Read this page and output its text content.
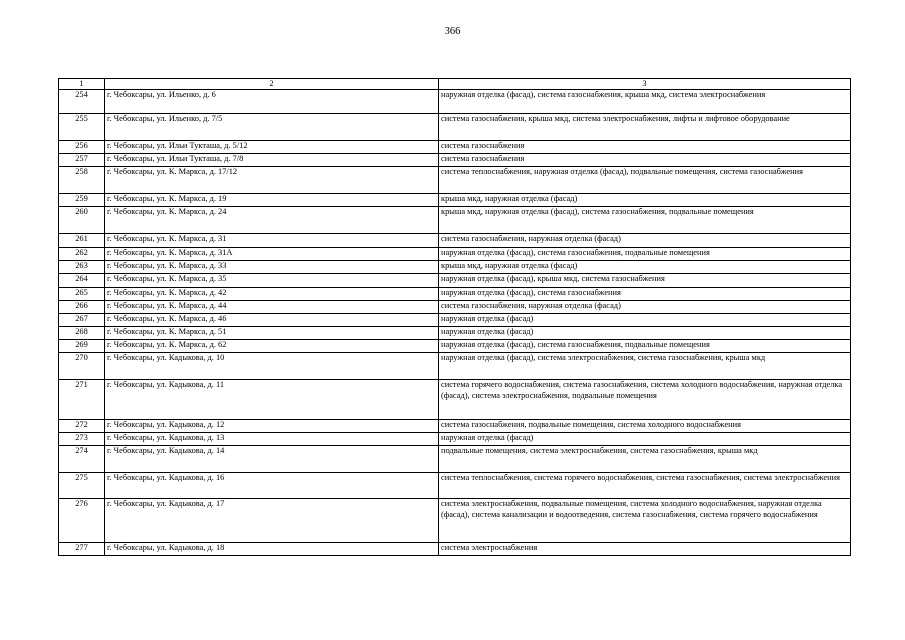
366
1	2	3
254	г. Чебоксары, ул. Ильенко, д. 6	наружная отделка (фасад), система газоснабжения, крыша мкд, система электроснабжения
255	г. Чебоксары, ул. Ильенко, д. 7/5	система газоснабжения, крыша мкд, система электроснабжения, лифты и лифтовое оборудование
256	г. Чебоксары, ул. Ильи Тукташа, д. 5/12	система газоснабжения
257	г. Чебоксары, ул. Ильи Тукташа, д. 7/8	система газоснабжения
258	г. Чебоксары, ул. К. Маркса, д. 17/12	система теплоснабжения, наружная отделка (фасад), подвальные помещения, система газоснабжения
259	г. Чебоксары, ул. К. Маркса, д. 19	крыша мкд, наружная отделка (фасад)
260	г. Чебоксары, ул. К. Маркса, д. 24	крыша мкд, наружная отделка (фасад), система газоснабжения, подвальные помещения
261	г. Чебоксары, ул. К. Маркса, д. 31	система газоснабжения, наружная отделка (фасад)
262	г. Чебоксары, ул. К. Маркса, д. 31А	наружная отделка (фасад), система газоснабжения, подвальные помещения
263	г. Чебоксары, ул. К. Маркса, д. 33	крыша мкд, наружная отделка (фасад)
264	г. Чебоксары, ул. К. Маркса, д. 35	наружная отделка (фасад), крыша мкд, система газоснабжения
265	г. Чебоксары, ул. К. Маркса, д. 42	наружная отделка (фасад), система газоснабжения
266	г. Чебоксары, ул. К. Маркса, д. 44	система газоснабжения, наружная отделка (фасад)
267	г. Чебоксары, ул. К. Маркса, д. 46	наружная отделка (фасад)
268	г. Чебоксары, ул. К. Маркса, д. 51	наружная отделка (фасад)
269	г. Чебоксары, ул. К. Маркса, д. 62	наружная отделка (фасад), система газоснабжения, подвальные помещения
270	г. Чебоксары, ул. Кадыкова, д. 10	наружная отделка (фасад), система электроснабжения, система газоснабжения, крыша мкд
271	г. Чебоксары, ул. Кадыкова, д. 11	система горячего водоснабжения, система газоснабжения, система холодного водоснабжения, наружная отделка (фасад), система электроснабжения, подвальные помещения
272	г. Чебоксары, ул. Кадыкова, д. 12	система газоснабжения, подвальные помещения, система холодного водоснабжения
273	г. Чебоксары, ул. Кадыкова, д. 13	наружная отделка (фасад)
274	г. Чебоксары, ул. Кадыкова, д. 14	подвальные помещения, система электроснабжения, система газоснабжения, крыша мкд
275	г. Чебоксары, ул. Кадыкова, д. 16	система теплоснабжения, система горячего водоснабжения, система газоснабжения, система электроснабжения
276	г. Чебоксары, ул. Кадыкова, д. 17	система электроснабжения, подвальные помещения, система холодного водоснабжения, наружная отделка (фасад), система канализации и водоотведения, система газоснабжения, система горячего водоснабжения
277	г. Чебоксары, ул. Кадыкова, д. 18	система электроснабжения
